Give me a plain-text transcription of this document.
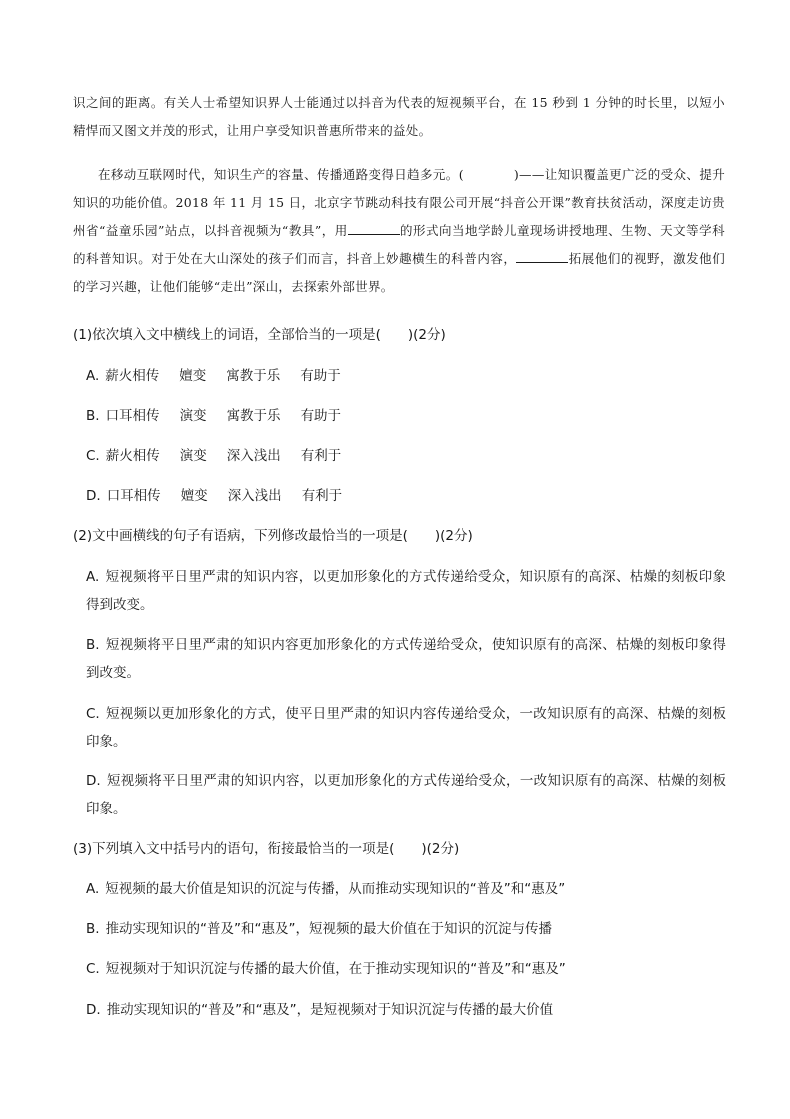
识之间的距离。有关人士希望知识界人士能通过以抖音为代表的短视频平台，在 15 秒到 1 分钟的时长里，以短小精悍而又图文并茂的形式，让用户享受知识普惠所带来的益处。

在移动互联网时代，知识生产的容量、传播通路变得日趋多元。(	)——让知识覆盖更广泛的受众、提升知识的功能价值。2018 年 11 月 15 日，北京字节跳动科技有限公司开展“抖音公开课”教育扶贫活动，深度走访贵州省“益童乐园”站点，以抖音视频为“教具”，用	的形式向当地学龄儿童现场讲授地理、生物、天文等学科的科普知识。对于处在大山深处的孩子们而言，抖音上妙趣横生的科普内容，	拓展他们的视野，激发他们的学习兴趣，让他们能够“走出”深山，去探索外部世界。

(1)依次填入文中横线上的词语，全部恰当的一项是(　　)(2分)
A. 薪火相传 嬗变 寓教于乐 有助于
B. 口耳相传 演变 寓教于乐 有助于
C. 薪火相传 演变 深入浅出 有利于
D. 口耳相传 嬗变 深入浅出 有利于
(2)文中画横线的句子有语病，下列修改最恰当的一项是(　　)(2分)
A. 短视频将平日里严肃的知识内容，以更加形象化的方式传递给受众，知识原有的高深、枯燥的刻板印象得到改变。
B. 短视频将平日里严肃的知识内容更加形象化的方式传递给受众，使知识原有的高深、枯燥的刻板印象得到改变。
C. 短视频以更加形象化的方式，使平日里严肃的知识内容传递给受众，一改知识原有的高深、枯燥的刻板印象。
D. 短视频将平日里严肃的知识内容，以更加形象化的方式传递给受众，一改知识原有的高深、枯燥的刻板印象。
(3)下列填入文中括号内的语句，衔接最恰当的一项是(　　)(2分)
A. 短视频的最大价值是知识的沉淀与传播，从而推动实现知识的“普及”和“惠及”
B. 推动实现知识的“普及”和“惠及”，短视频的最大价值在于知识的沉淀与传播
C. 短视频对于知识沉淀与传播的最大价值，在于推动实现知识的“普及”和“惠及”
D. 推动实现知识的“普及”和“惠及”，是短视频对于知识沉淀与传播的最大价值
